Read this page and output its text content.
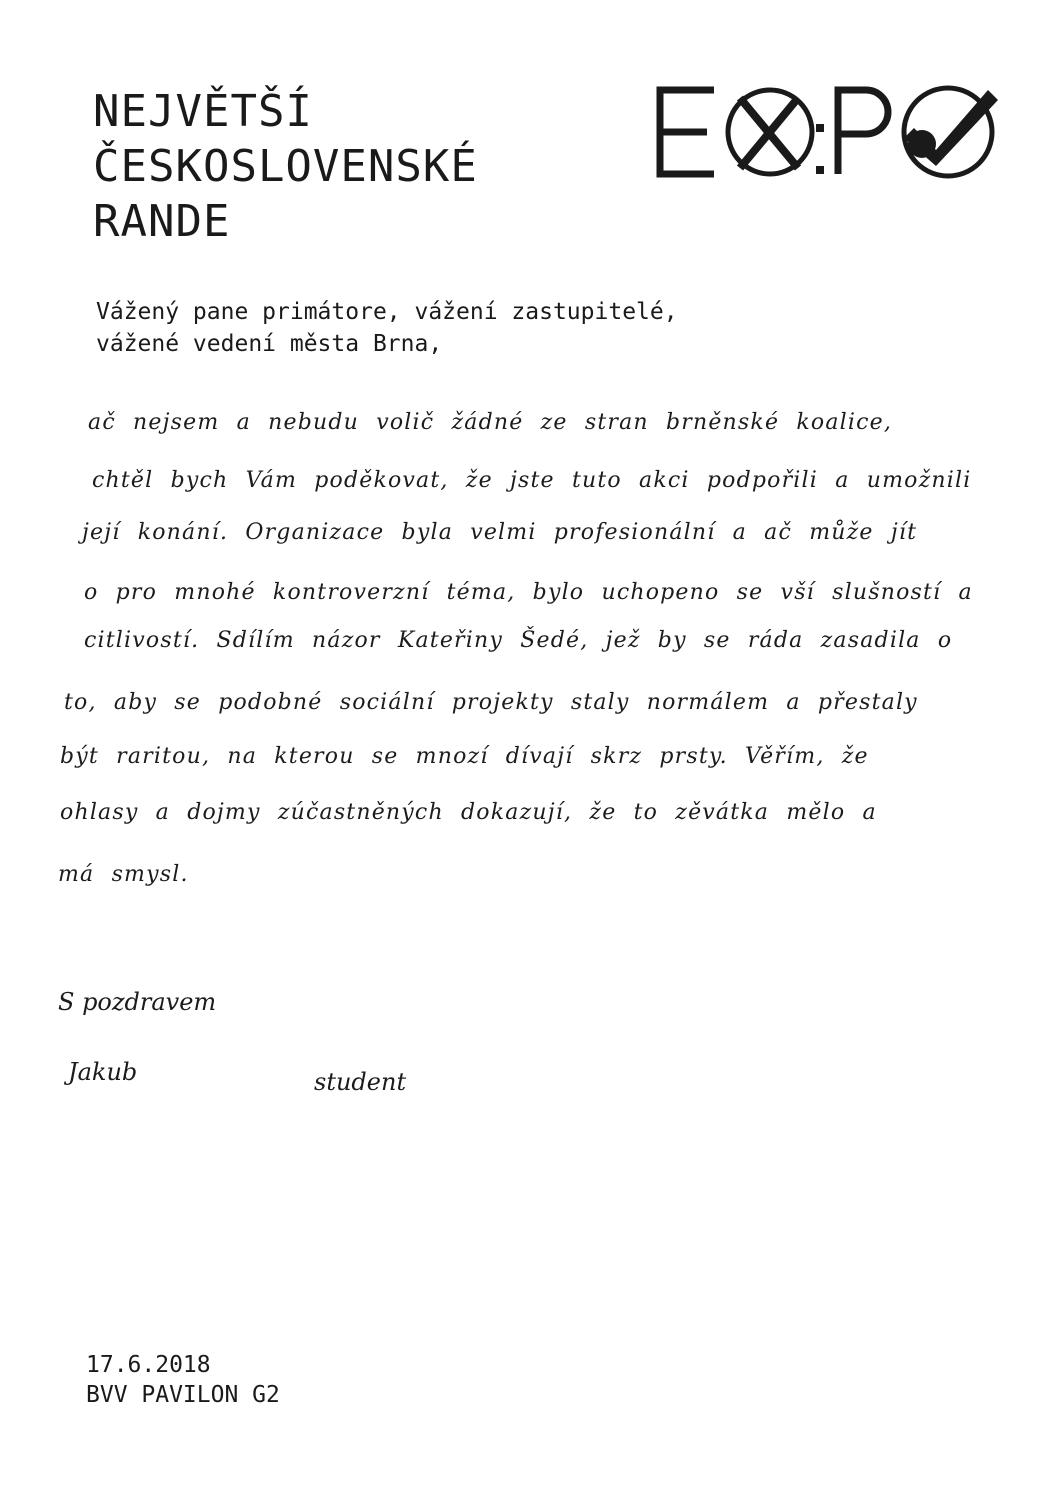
NEJVĚTŠÍ
ČESKOSLOVENSKÉ
RANDE
Vážený pane primátore, vážení zastupitelé,
vážené vedení města Brna,
ač nejsem a nebudu volič žádné ze stran brněnské koalice,
chtěl bych Vám poděkovat, že jste tuto akci podpořili a umožnili
její konání. Organizace byla velmi profesionální a ač může jít
o pro mnohé kontroverzní téma, bylo uchopeno se vší slušností a
citlivostí. Sdílím názor Kateřiny Šedé, jež by se ráda zasadila o
to, aby se podobné sociální projekty staly normálem a přestaly
být raritou, na kterou se mnozí dívají skrz prsty. Věřím, že
ohlasy a dojmy zúčastněných dokazují, že to zěvátka mělo a
má smysl.
S pozdravem
Jakub	student
17.6.2018
BVV PAVILON G2
